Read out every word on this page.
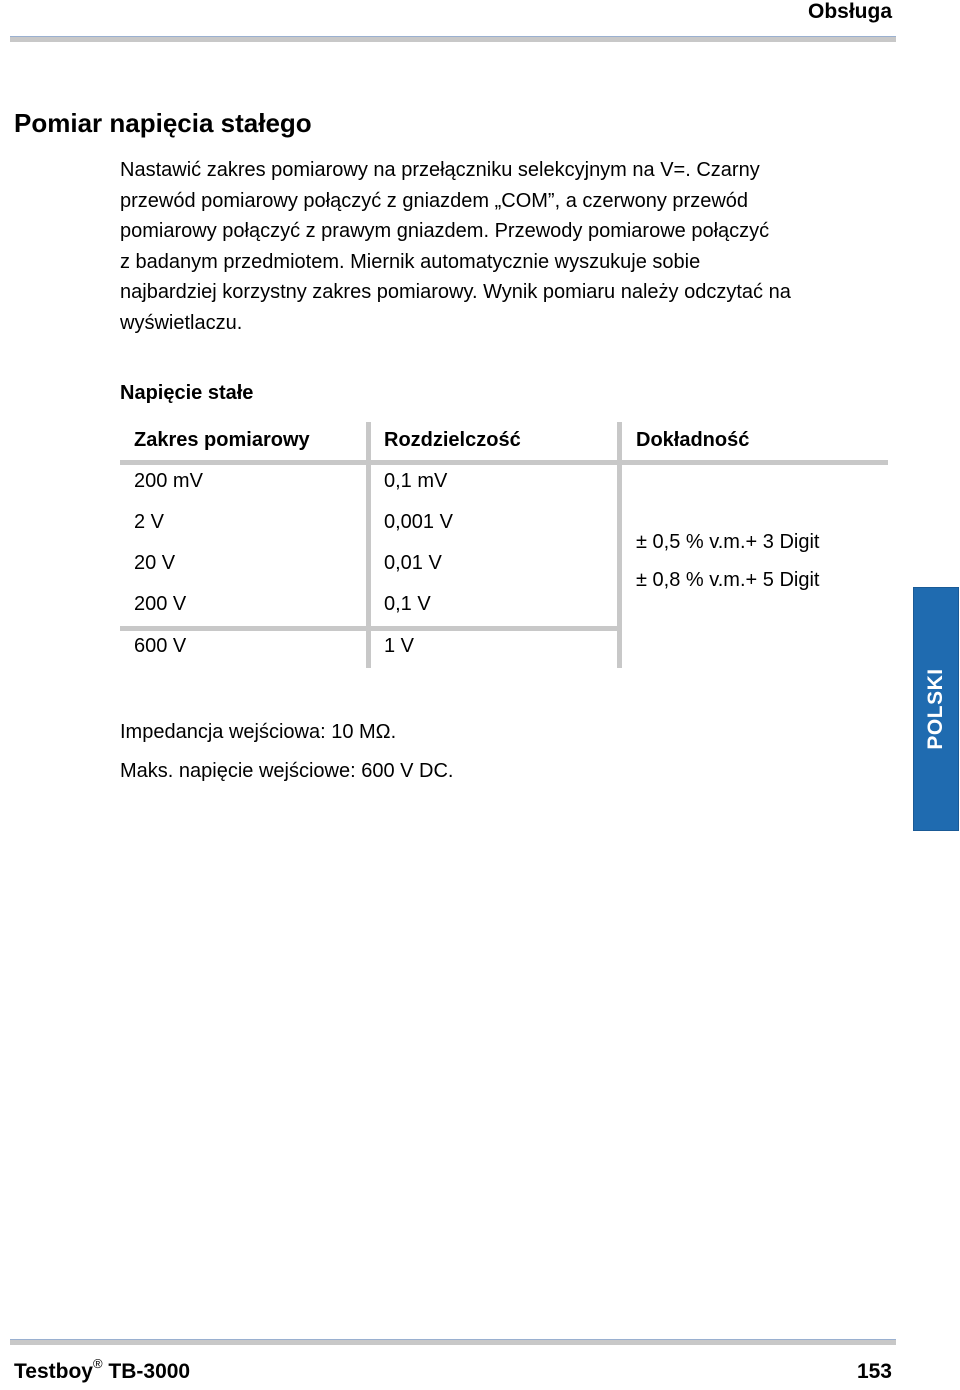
Obsługa
Pomiar napięcia stałego
Nastawić zakres pomiarowy na przełączniku selekcyjnym na V=. Czarny
przewód pomiarowy połączyć z gniazdem „COM”, a czerwony przewód
pomiarowy połączyć z prawym gniazdem. Przewody pomiarowe połączyć
z badanym przedmiotem. Miernik automatycznie wyszukuje sobie
najbardziej korzystny zakres pomiarowy. Wynik pomiaru należy odczytać na
wyświetlaczu.
Napięcie stałe
Zakres pomiarowy	Rozdzielczość	Dokładność
200 mV	0,1 mV
2 V	0,001 V
20 V	0,01 V
200 V	0,1 V
600 V	1 V
± 0,5 % v.m.+ 3 Digit
± 0,8 % v.m.+ 5 Digit
Impedancja wejściowa: 10 MΩ.
Maks. napięcie wejściowe: 600 V DC.
POLSKI
Testboy® TB-3000	153
